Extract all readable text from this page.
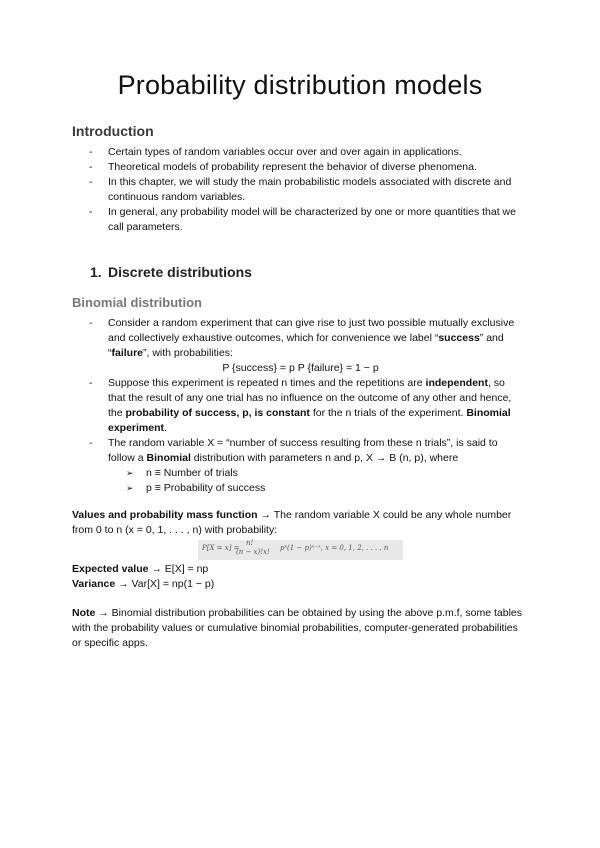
Probability distribution models
Introduction
- Certain types of random variables occur over and over again in applications.
- Theoretical models of probability represent the behavior of diverse phenomena.
- In this chapter, we will study the main probabilistic models associated with discrete and continuous random variables.
- In general, any probability model will be characterized by one or more quantities that we call parameters.
1. Discrete distributions
Binomial distribution
- Consider a random experiment that can give rise to just two possible mutually exclusive and collectively exhaustive outcomes, which for convenience we label “success” and “failure”, with probabilities:
P {success} = p P {failure} = 1 − p
- Suppose this experiment is repeated n times and the repetitions are independent, so that the result of any one trial has no influence on the outcome of any other and hence, the probability of success, p, is constant for the n trials of the experiment. Binomial experiment.
- The random variable X = “number of success resulting from these n trials”, is said to follow a Binomial distribution with parameters n and p, X → B (n, p), where
➢ n ≡ Number of trials
➢ p ≡ Probability of success

Values and probability mass function → The random variable X could be any whole number from 0 to n (x = 0, 1, . . . , n) with probability:

P[X = x] =
n!
(n − x)!x! pˣ(1 − p)ⁿ⁻ˣ, x = 0, 1, 2, . . . , n

Expected value → E[X] = np

Variance → Var[X] = np(1 − p)

Note → Binomial distribution probabilities can be obtained by using the above p.m.f, some tables with the probability values or cumulative binomial probabilities, computer-generated probabilities or specific apps.
